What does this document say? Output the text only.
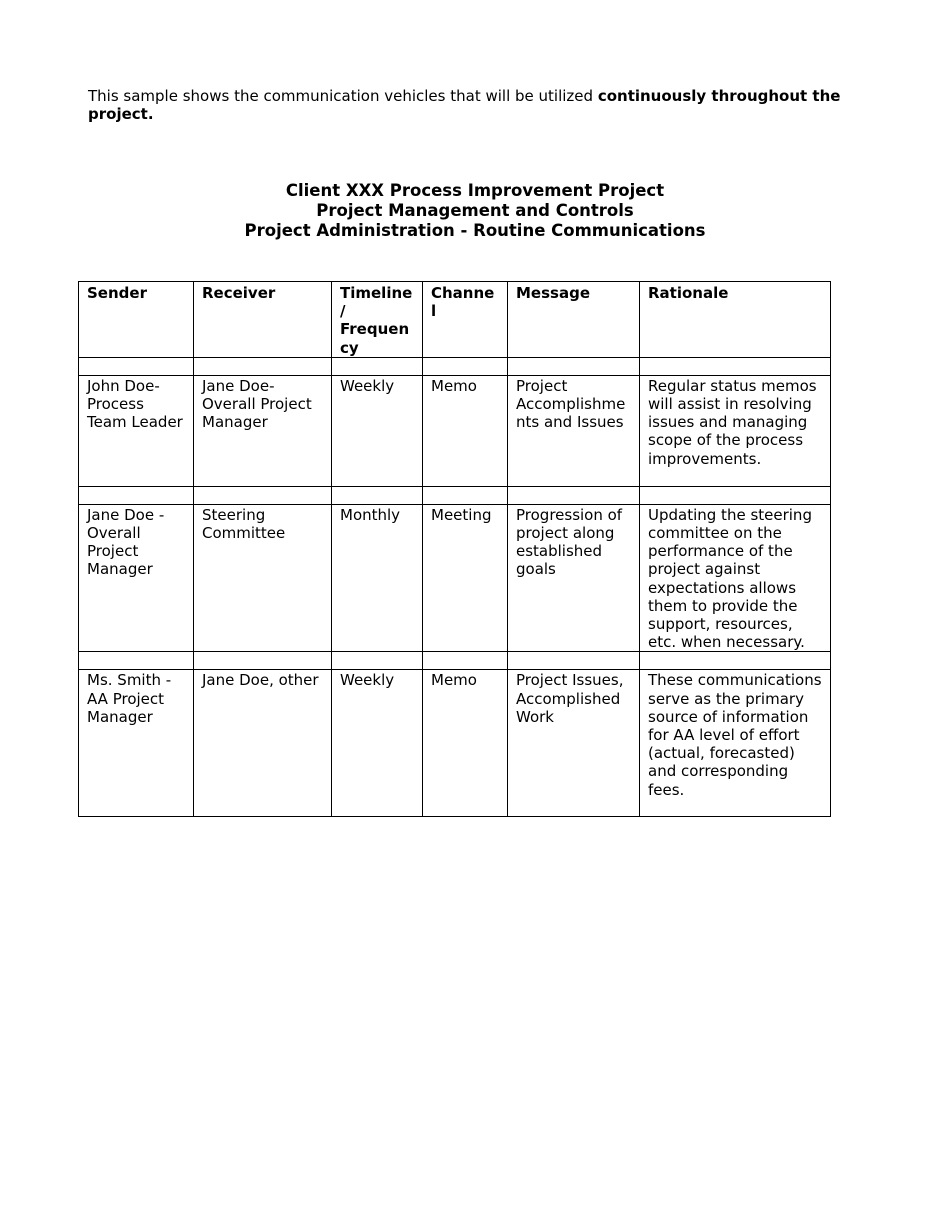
This sample shows the communication vehicles that will be utilized continuously throughout the project.

Client XXX Process Improvement Project
Project Management and Controls
Project Administration - Routine Communications
Sender	Receiver	Timeline/ Frequency	Channel	Message	Rationale

John Doe- Process Team Leader	Jane Doe- Overall Project Manager	Weekly	Memo	Project Accomplishments and Issues	Regular status memos will assist in resolving issues and managing scope of the process improvements.

Jane Doe - Overall Project Manager	Steering Committee	Monthly	Meeting	Progression of project along established goals	Updating the steering committee on the performance of the project against expectations allows them to provide the support, resources, etc. when necessary.

Ms. Smith - AA Project Manager	Jane Doe, other	Weekly	Memo	Project Issues, Accomplished Work	These communications serve as the primary source of information for AA level of effort (actual, forecasted) and corresponding fees.
